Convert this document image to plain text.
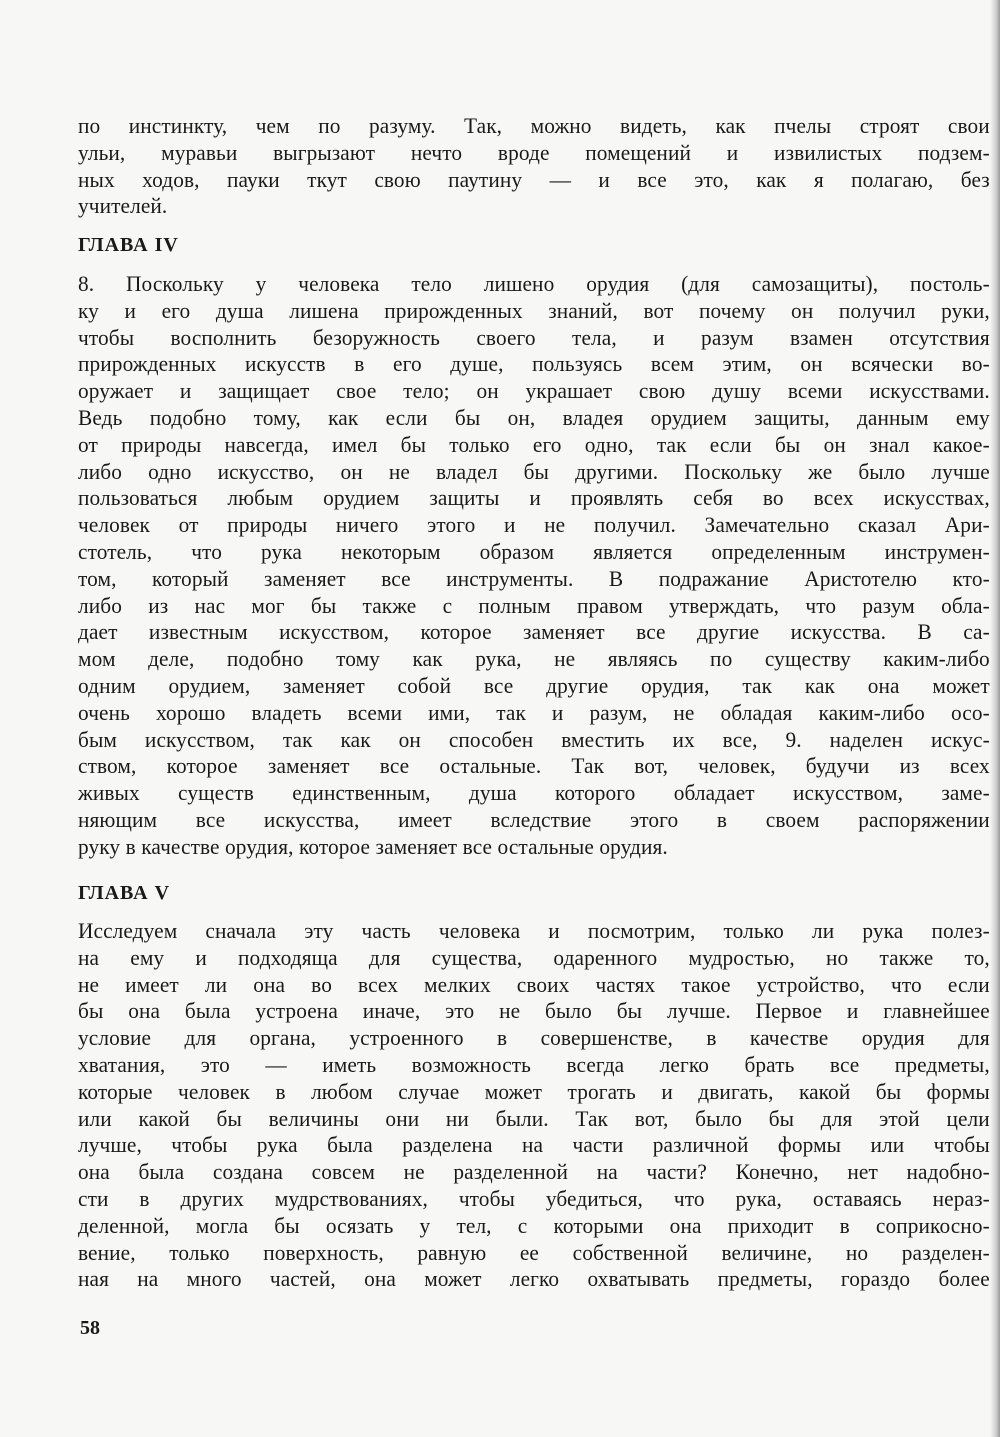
по инстинкту, чем по разуму. Так, можно видеть, как пчелы строят свои
ульи, муравьи выгрызают нечто вроде помещений и извилистых подзем-
ных ходов, пауки ткут свою паутину — и все это, как я полагаю, без
учителей.
ГЛАВА IV
8. Поскольку у человека тело лишено орудия (для самозащиты), постоль-
ку и его душа лишена прирожденных знаний, вот почему он получил руки,
чтобы восполнить безоружность своего тела, и разум взамен отсутствия
прирожденных искусств в его душе, пользуясь всем этим, он всячески во-
оружает и защищает свое тело; он украшает свою душу всеми искусствами.
Ведь подобно тому, как если бы он, владея орудием защиты, данным ему
от природы навсегда, имел бы только его одно, так если бы он знал какое-
либо одно искусство, он не владел бы другими. Поскольку же было лучше
пользоваться любым орудием защиты и проявлять себя во всех искусствах,
человек от природы ничего этого и не получил. Замечательно сказал Ари-
стотель, что рука некоторым образом является определенным инструмен-
том, который заменяет все инструменты. В подражание Аристотелю кто-
либо из нас мог бы также с полным правом утверждать, что разум обла-
дает известным искусством, которое заменяет все другие искусства. В са-
мом деле, подобно тому как рука, не являясь по существу каким-либо
одним орудием, заменяет собой все другие орудия, так как она может
очень хорошо владеть всеми ими, так и разум, не обладая каким-либо осо-
бым искусством, так как он способен вместить их все, 9. наделен искус-
ством, которое заменяет все остальные. Так вот, человек, будучи из всех
живых существ единственным, душа которого обладает искусством, заме-
няющим все искусства, имеет вследствие этого в своем распоряжении
руку в качестве орудия, которое заменяет все остальные орудия.
ГЛАВА V
Исследуем сначала эту часть человека и посмотрим, только ли рука полез-
на ему и подходяща для существа, одаренного мудростью, но также то,
не имеет ли она во всех мелких своих частях такое устройство, что если
бы она была устроена иначе, это не было бы лучше. Первое и главнейшее
условие для органа, устроенного в совершенстве, в качестве орудия для
хватания, это — иметь возможность всегда легко брать все предметы,
которые человек в любом случае может трогать и двигать, какой бы формы
или какой бы величины они ни были. Так вот, было бы для этой цели
лучше, чтобы рука была разделена на части различной формы или чтобы
она была создана совсем не разделенной на части? Конечно, нет надобно-
сти в других мудрствованиях, чтобы убедиться, что рука, оставаясь нераз-
деленной, могла бы осязать у тел, с которыми она приходит в соприкосно-
вение, только поверхность, равную ее собственной величине, но разделен-
ная на много частей, она может легко охватывать предметы, гораздо более
58
